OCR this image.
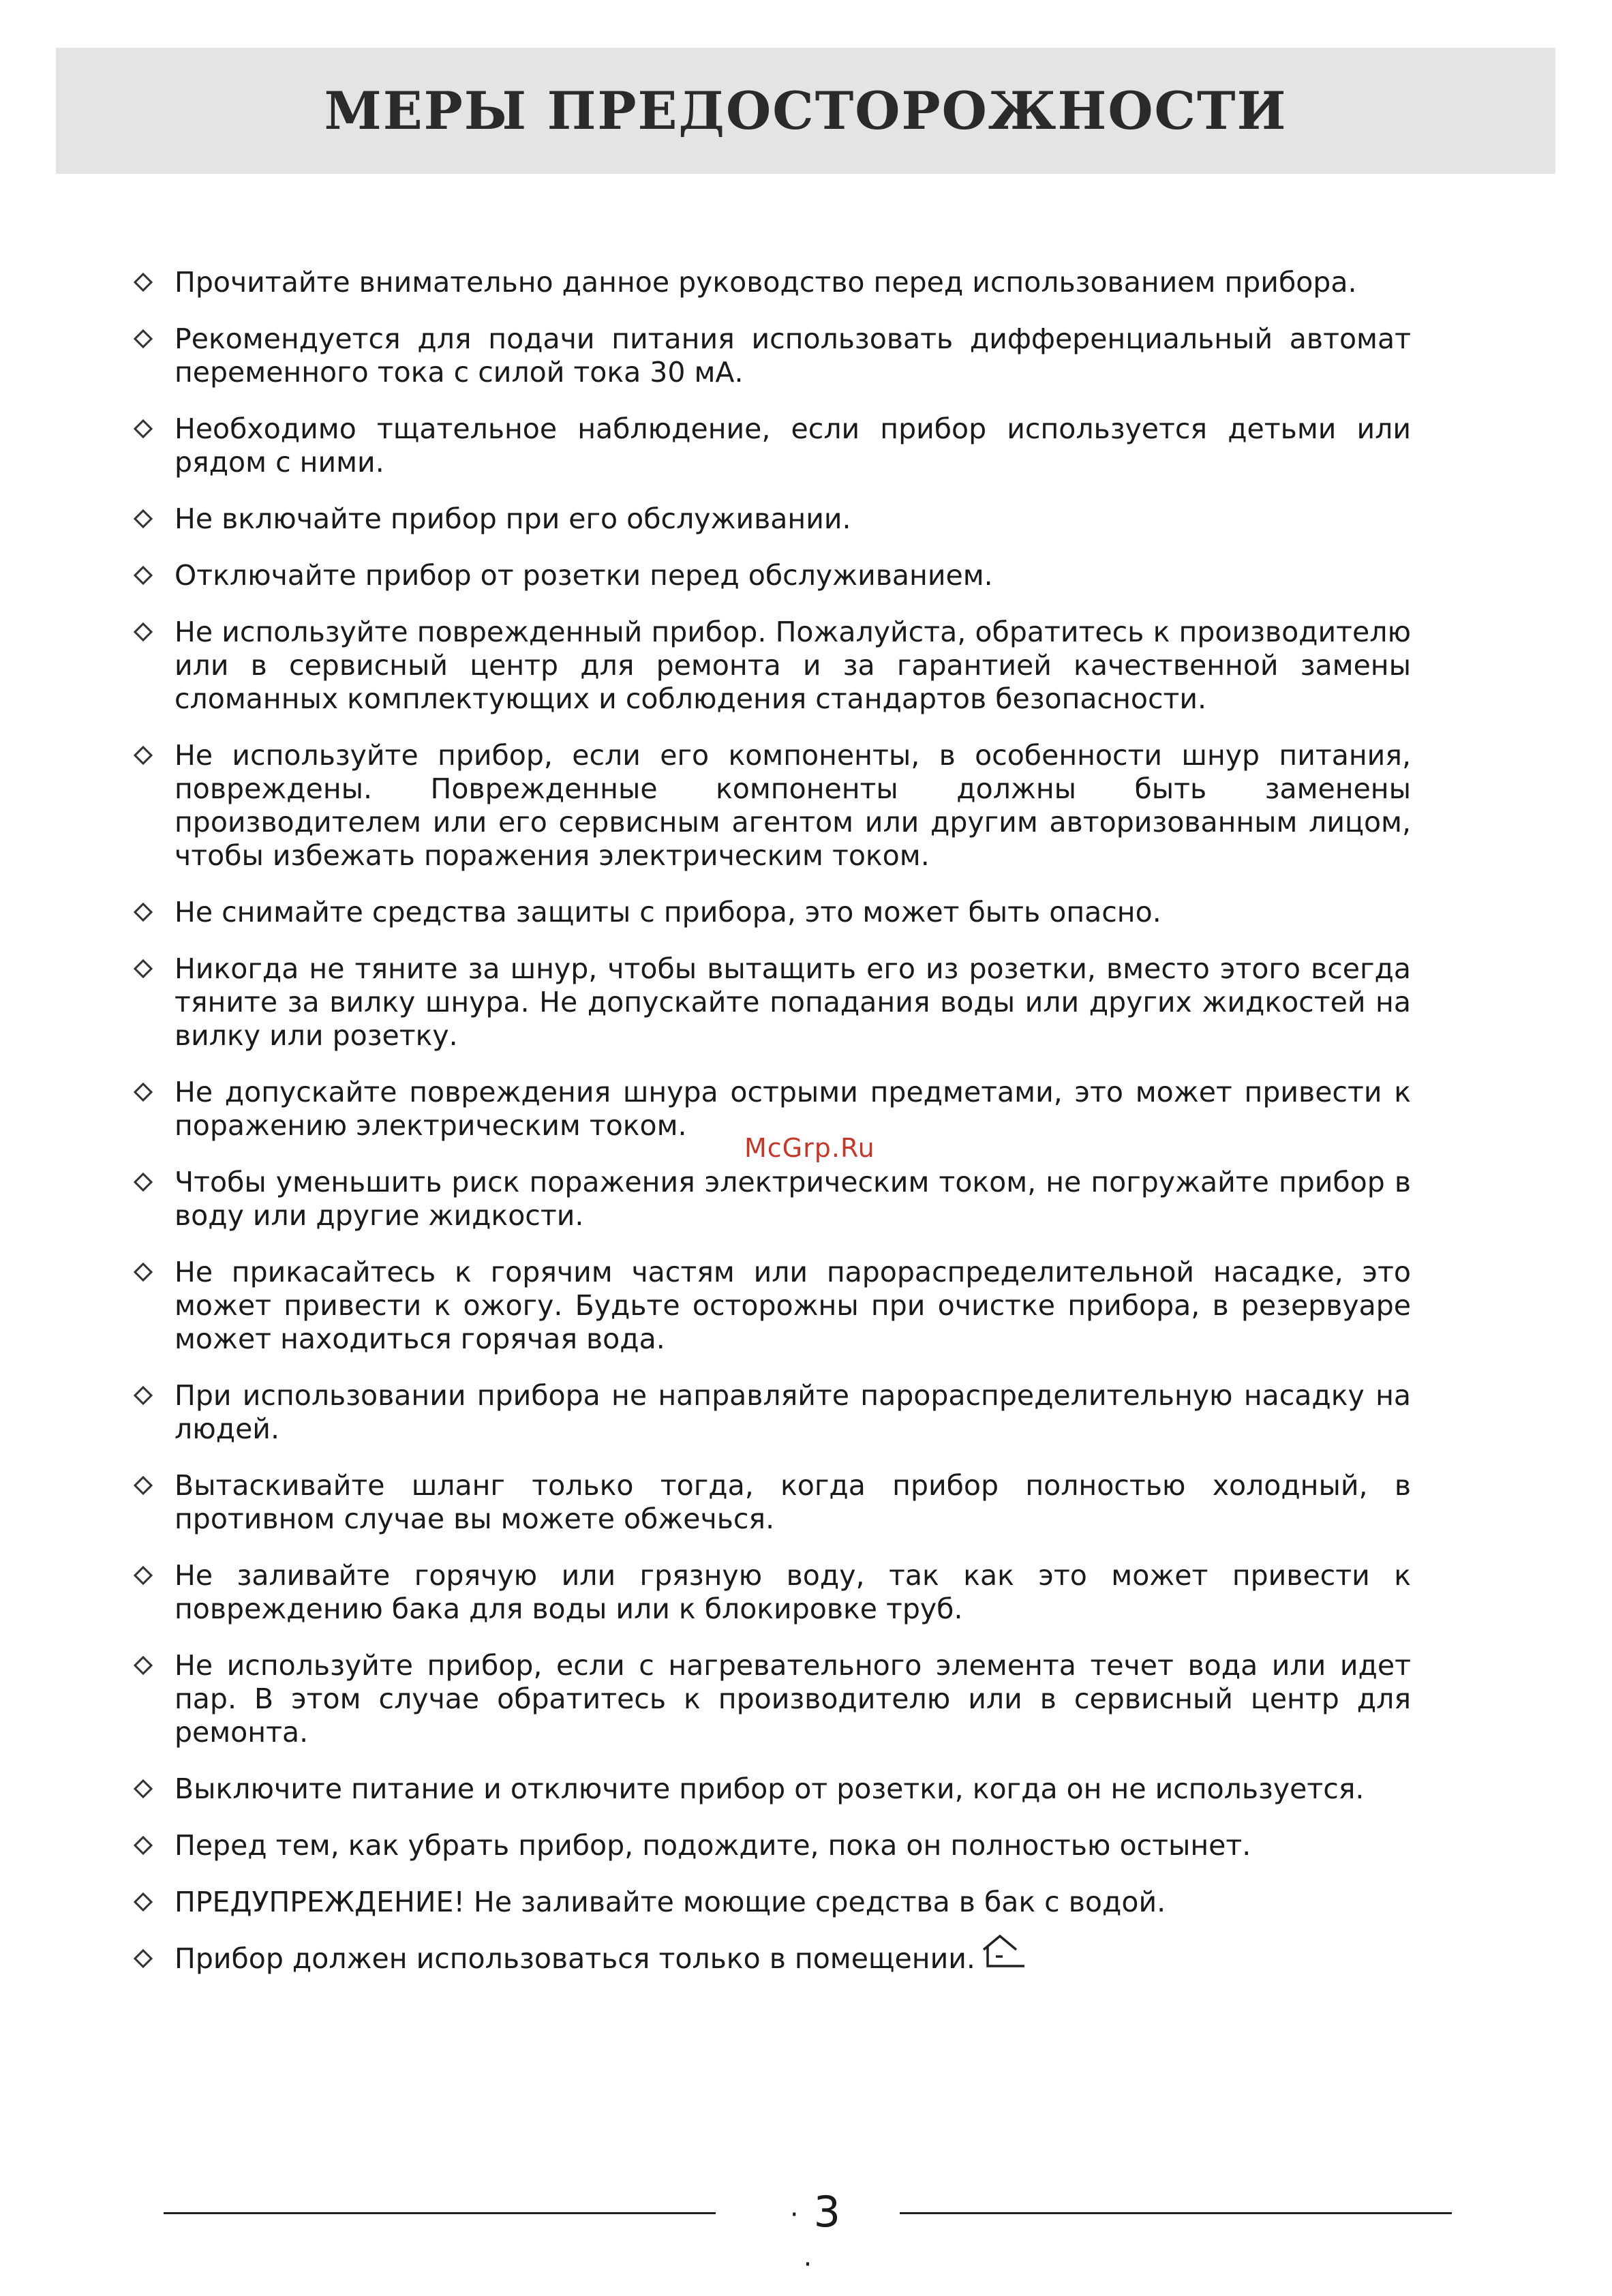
МЕРЫ ПРЕДОСТОРОЖНОСТИ
Прочитайте внимательно данное руководство перед использованием прибора.
Рекомендуется для подачи питания использовать дифференциальный автомат переменного тока с силой тока 30 мА.
Необходимо тщательное наблюдение, если прибор используется детьми или рядом с ними.
Не включайте прибор при его обслуживании.
Отключайте прибор от розетки перед обслуживанием.
Не используйте поврежденный прибор. Пожалуйста, обратитесь к производителю или в сервисный центр для ремонта и за гарантией качественной замены сломанных комплектующих и соблюдения стандартов безопасности.
Не используйте прибор, если его компоненты, в особенности шнур питания, повреждены. Поврежденные компоненты должны быть заменены производителем или его сервисным агентом или другим авторизованным лицом, чтобы избежать поражения электрическим током.
Не снимайте средства защиты с прибора, это может быть опасно.
Никогда не тяните за шнур, чтобы вытащить его из розетки, вместо этого всегда тяните за вилку шнура. Не допускайте попадания воды или других жидкостей на вилку или розетку.
Не допускайте повреждения шнура острыми предметами, это может привести к поражению электрическим током.
Чтобы уменьшить риск поражения электрическим током, не погружайте прибор в воду или другие жидкости.
Не прикасайтесь к горячим частям или парораспределительной насадке, это может привести к ожогу. Будьте осторожны при очистке прибора, в резервуаре может находиться горячая вода.
При использовании прибора не направляйте парораспределительную насадку на людей.
Вытаскивайте шланг только тогда, когда прибор полностью холодный, в противном случае вы можете обжечься.
Не заливайте горячую или грязную воду, так как это может привести к повреждению бака для воды или к блокировке труб.
Не используйте прибор, если с нагревательного элемента течет вода или идет пар. В этом случае обратитесь к производителю или в сервисный центр для ремонта.
Выключите питание и отключите прибор от розетки, когда он не используется.
Перед тем, как убрать прибор, подождите, пока он полностью остынет.
ПРЕДУПРЕЖДЕНИЕ! Не заливайте моющие средства в бак с водой.
Прибор должен использоваться только в помещении.
McGrp.Ru
· 3·
